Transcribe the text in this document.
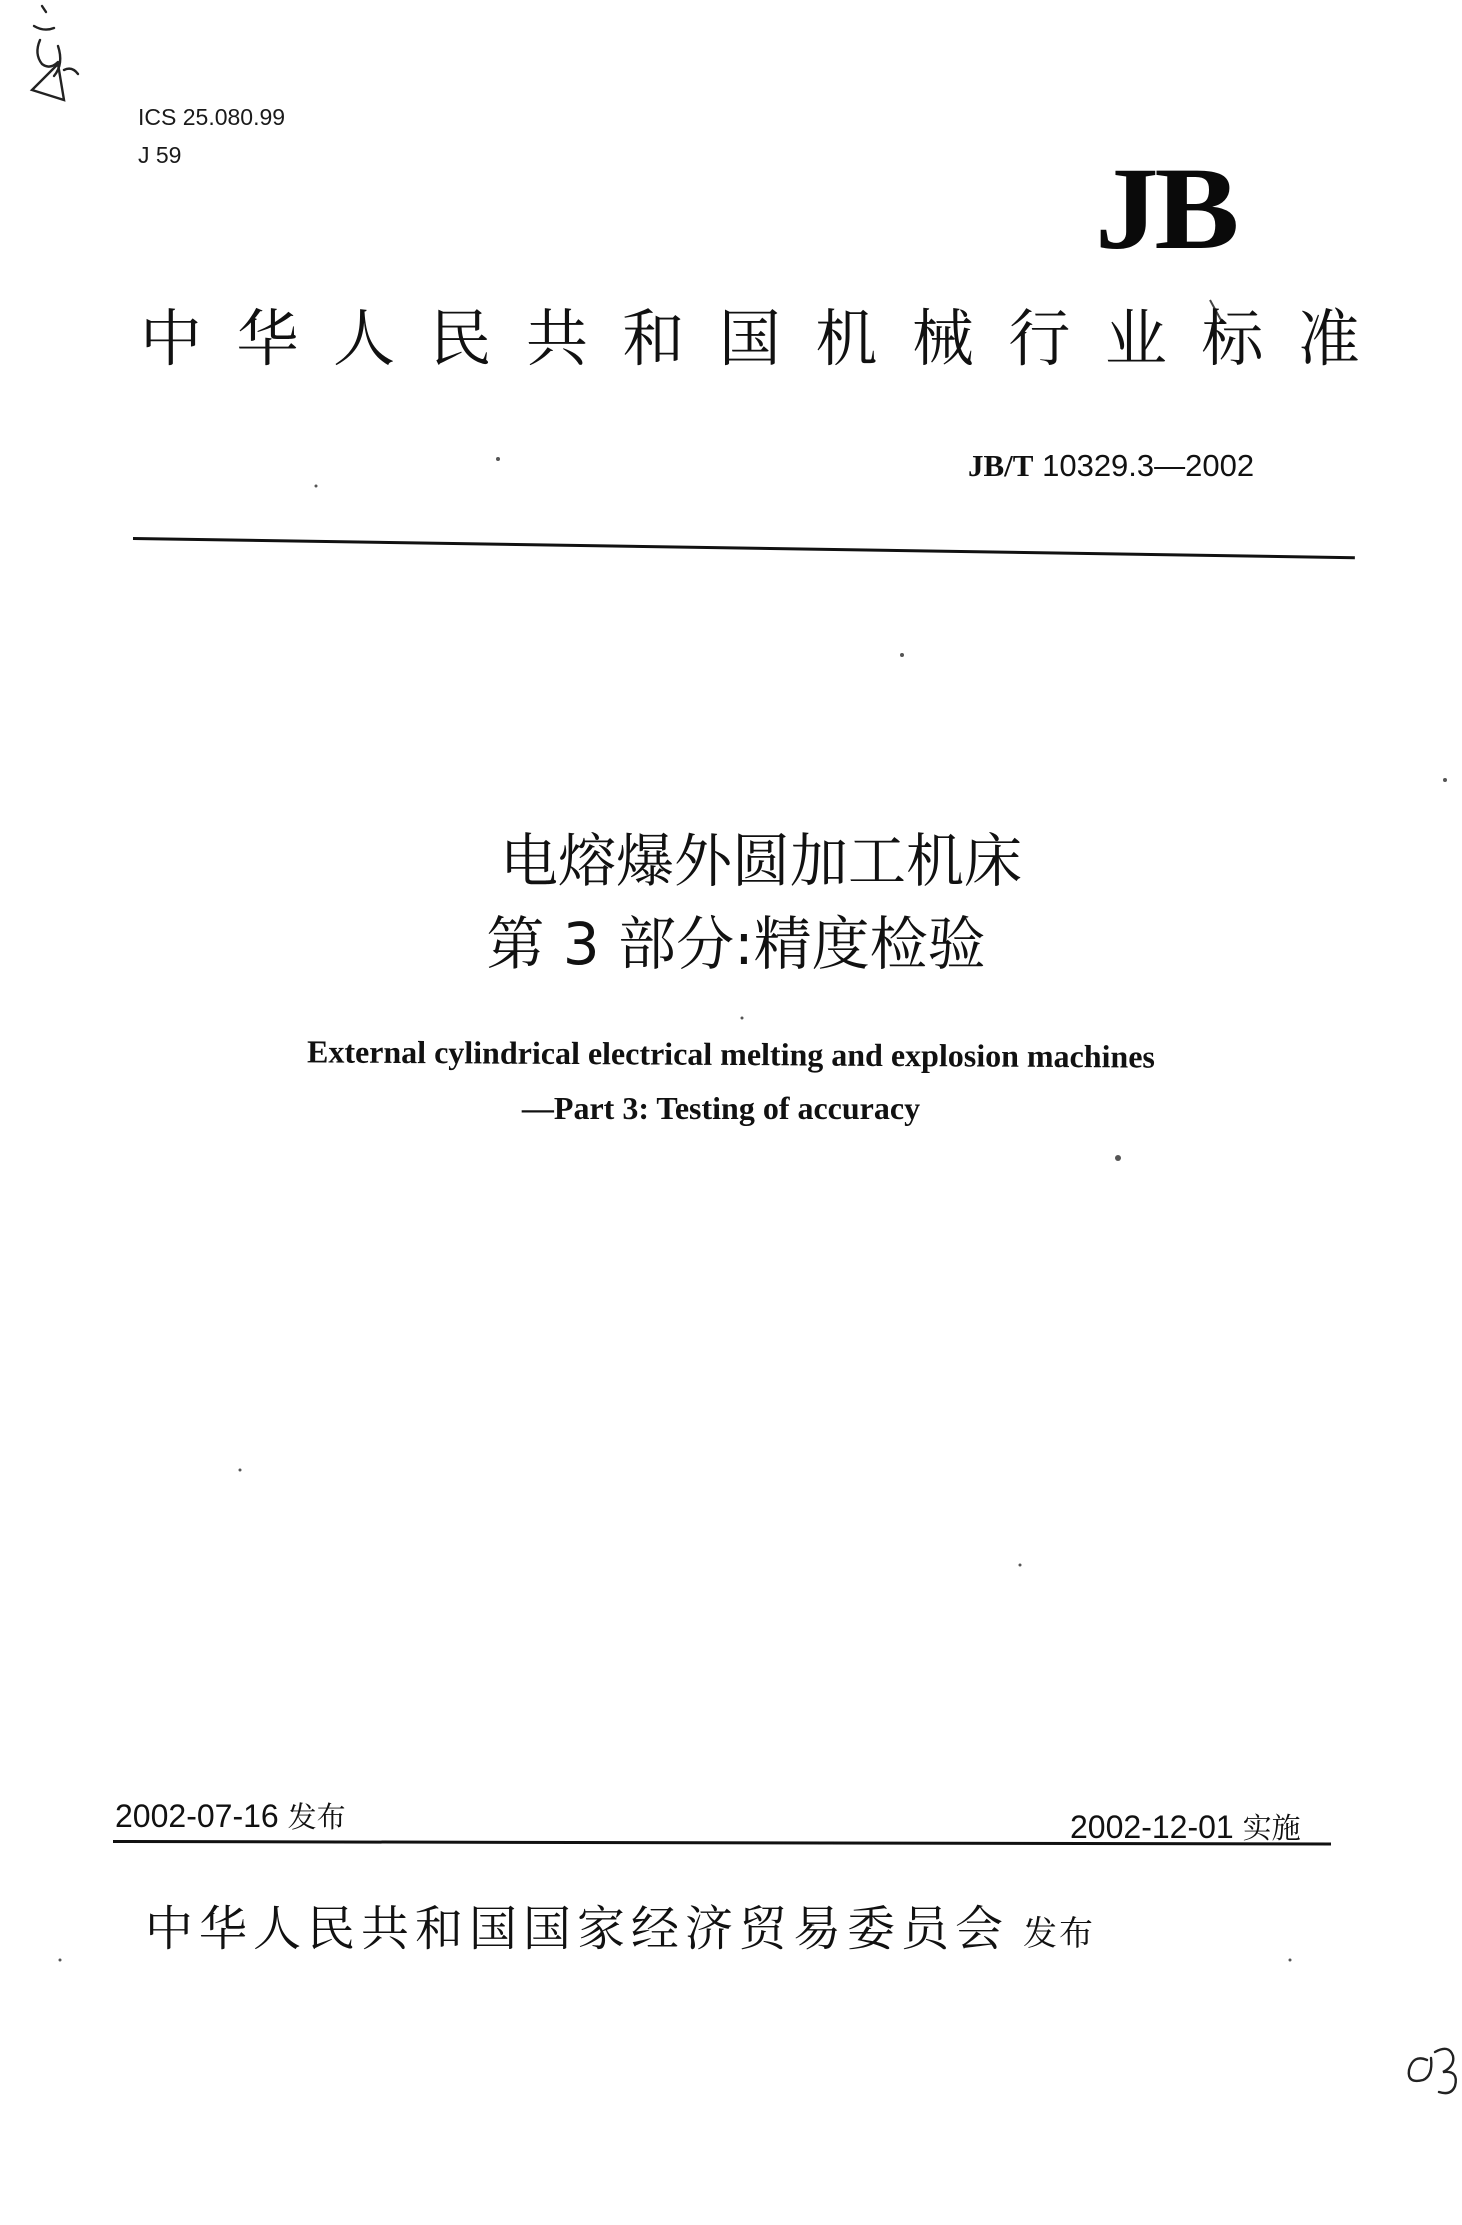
ICS 25.080.99
J 59	JB
中 华 人 民 共 和 国 机 械 行 业 标 准
JB/T 10329.3—2002
电熔爆外圆加工机床
第 3 部分:精度检验
External cylindrical electrical melting and explosion machines
—Part 3: Testing of accuracy
2002-07-16 发布	2002-12-01 实施
中华人民共和国国家经济贸易委员会 发布
